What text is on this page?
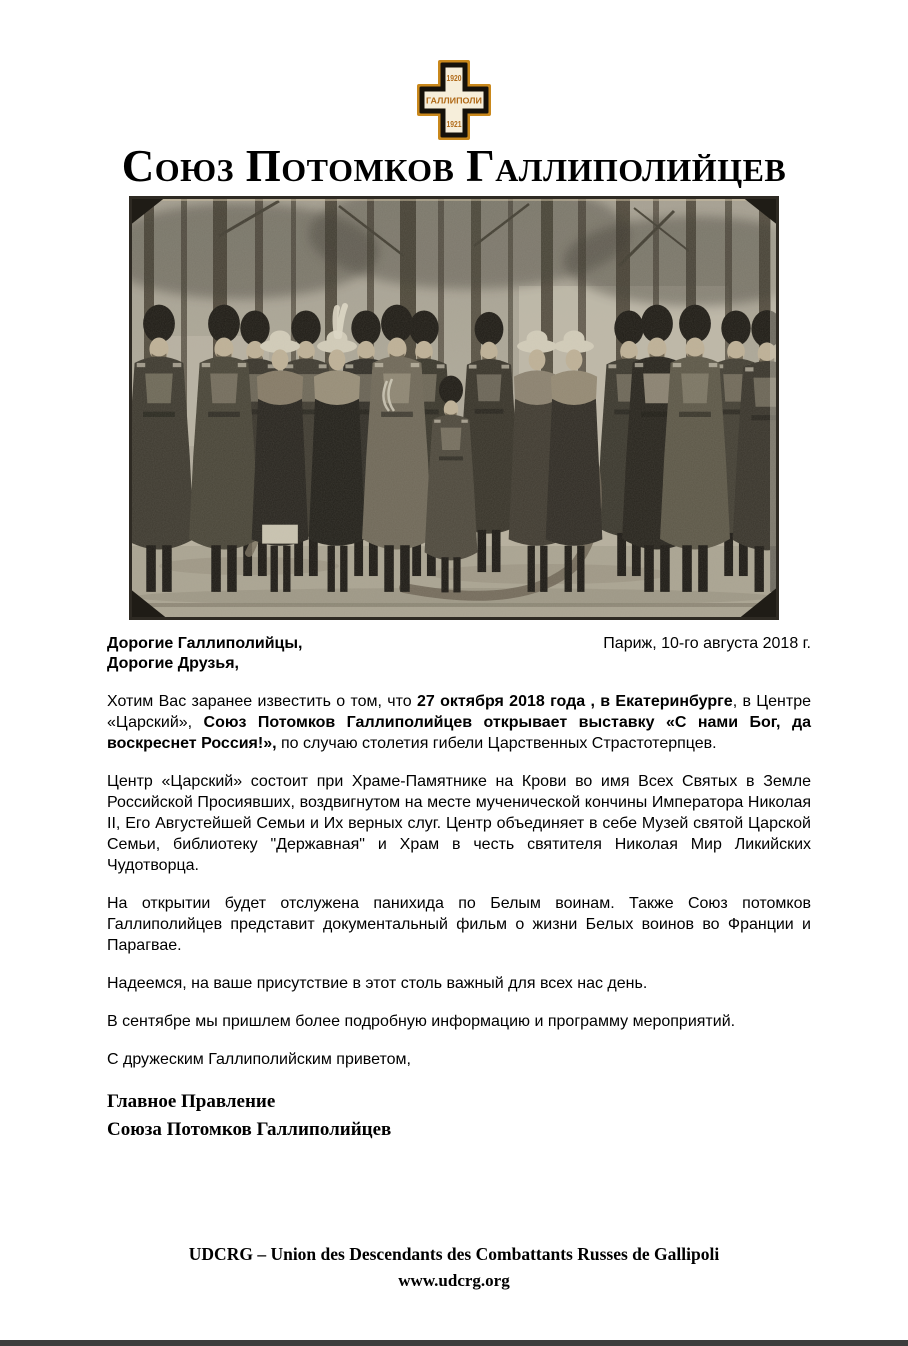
1920
ГАЛЛИПОЛИ
1921
Союз Потомков Галлиполийцев
Дорогие Галлиполийцы,
Дорогие Друзья,
Париж, 10-го августа 2018 г.

Хотим Вас заранее известить о том, что 27 октября 2018 года , в Екатеринбурге, в Центре «Царский», Союз Потомков Галлиполийцев открывает выставку «С нами Бог, да воскреснет Россия!», по случаю столетия гибели Царственных Страстотерпцев.

Центр «Царский» состоит при Храме-Памятнике на Крови во имя Всех Святых в Земле Российской Просиявших, воздвигнутом на месте мученической кончины Императора Николая II, Его Августейшей Семьи и Их верных слуг. Центр объединяет в себе Музей святой Царской Семьи, библиотеку "Державная" и Храм в честь святителя Николая Мир Ликийских Чудотворца.

На открытии будет отслужена панихида по Белым воинам. Также Союз потомков Галлиполийцев представит документальный фильм о жизни Белых воинов во Франции и Парагвае.

Надеемся, на ваше присутствие в этот столь важный для всех нас день.

В сентябре мы пришлем более подробную информацию и программу мероприятий.

С дружеским Галлиполийским приветом,

Главное Правление
Союза Потомков Галлиполийцев
UDCRG – Union des Descendants des Combattants Russes de Gallipoli
www.udcrg.org
